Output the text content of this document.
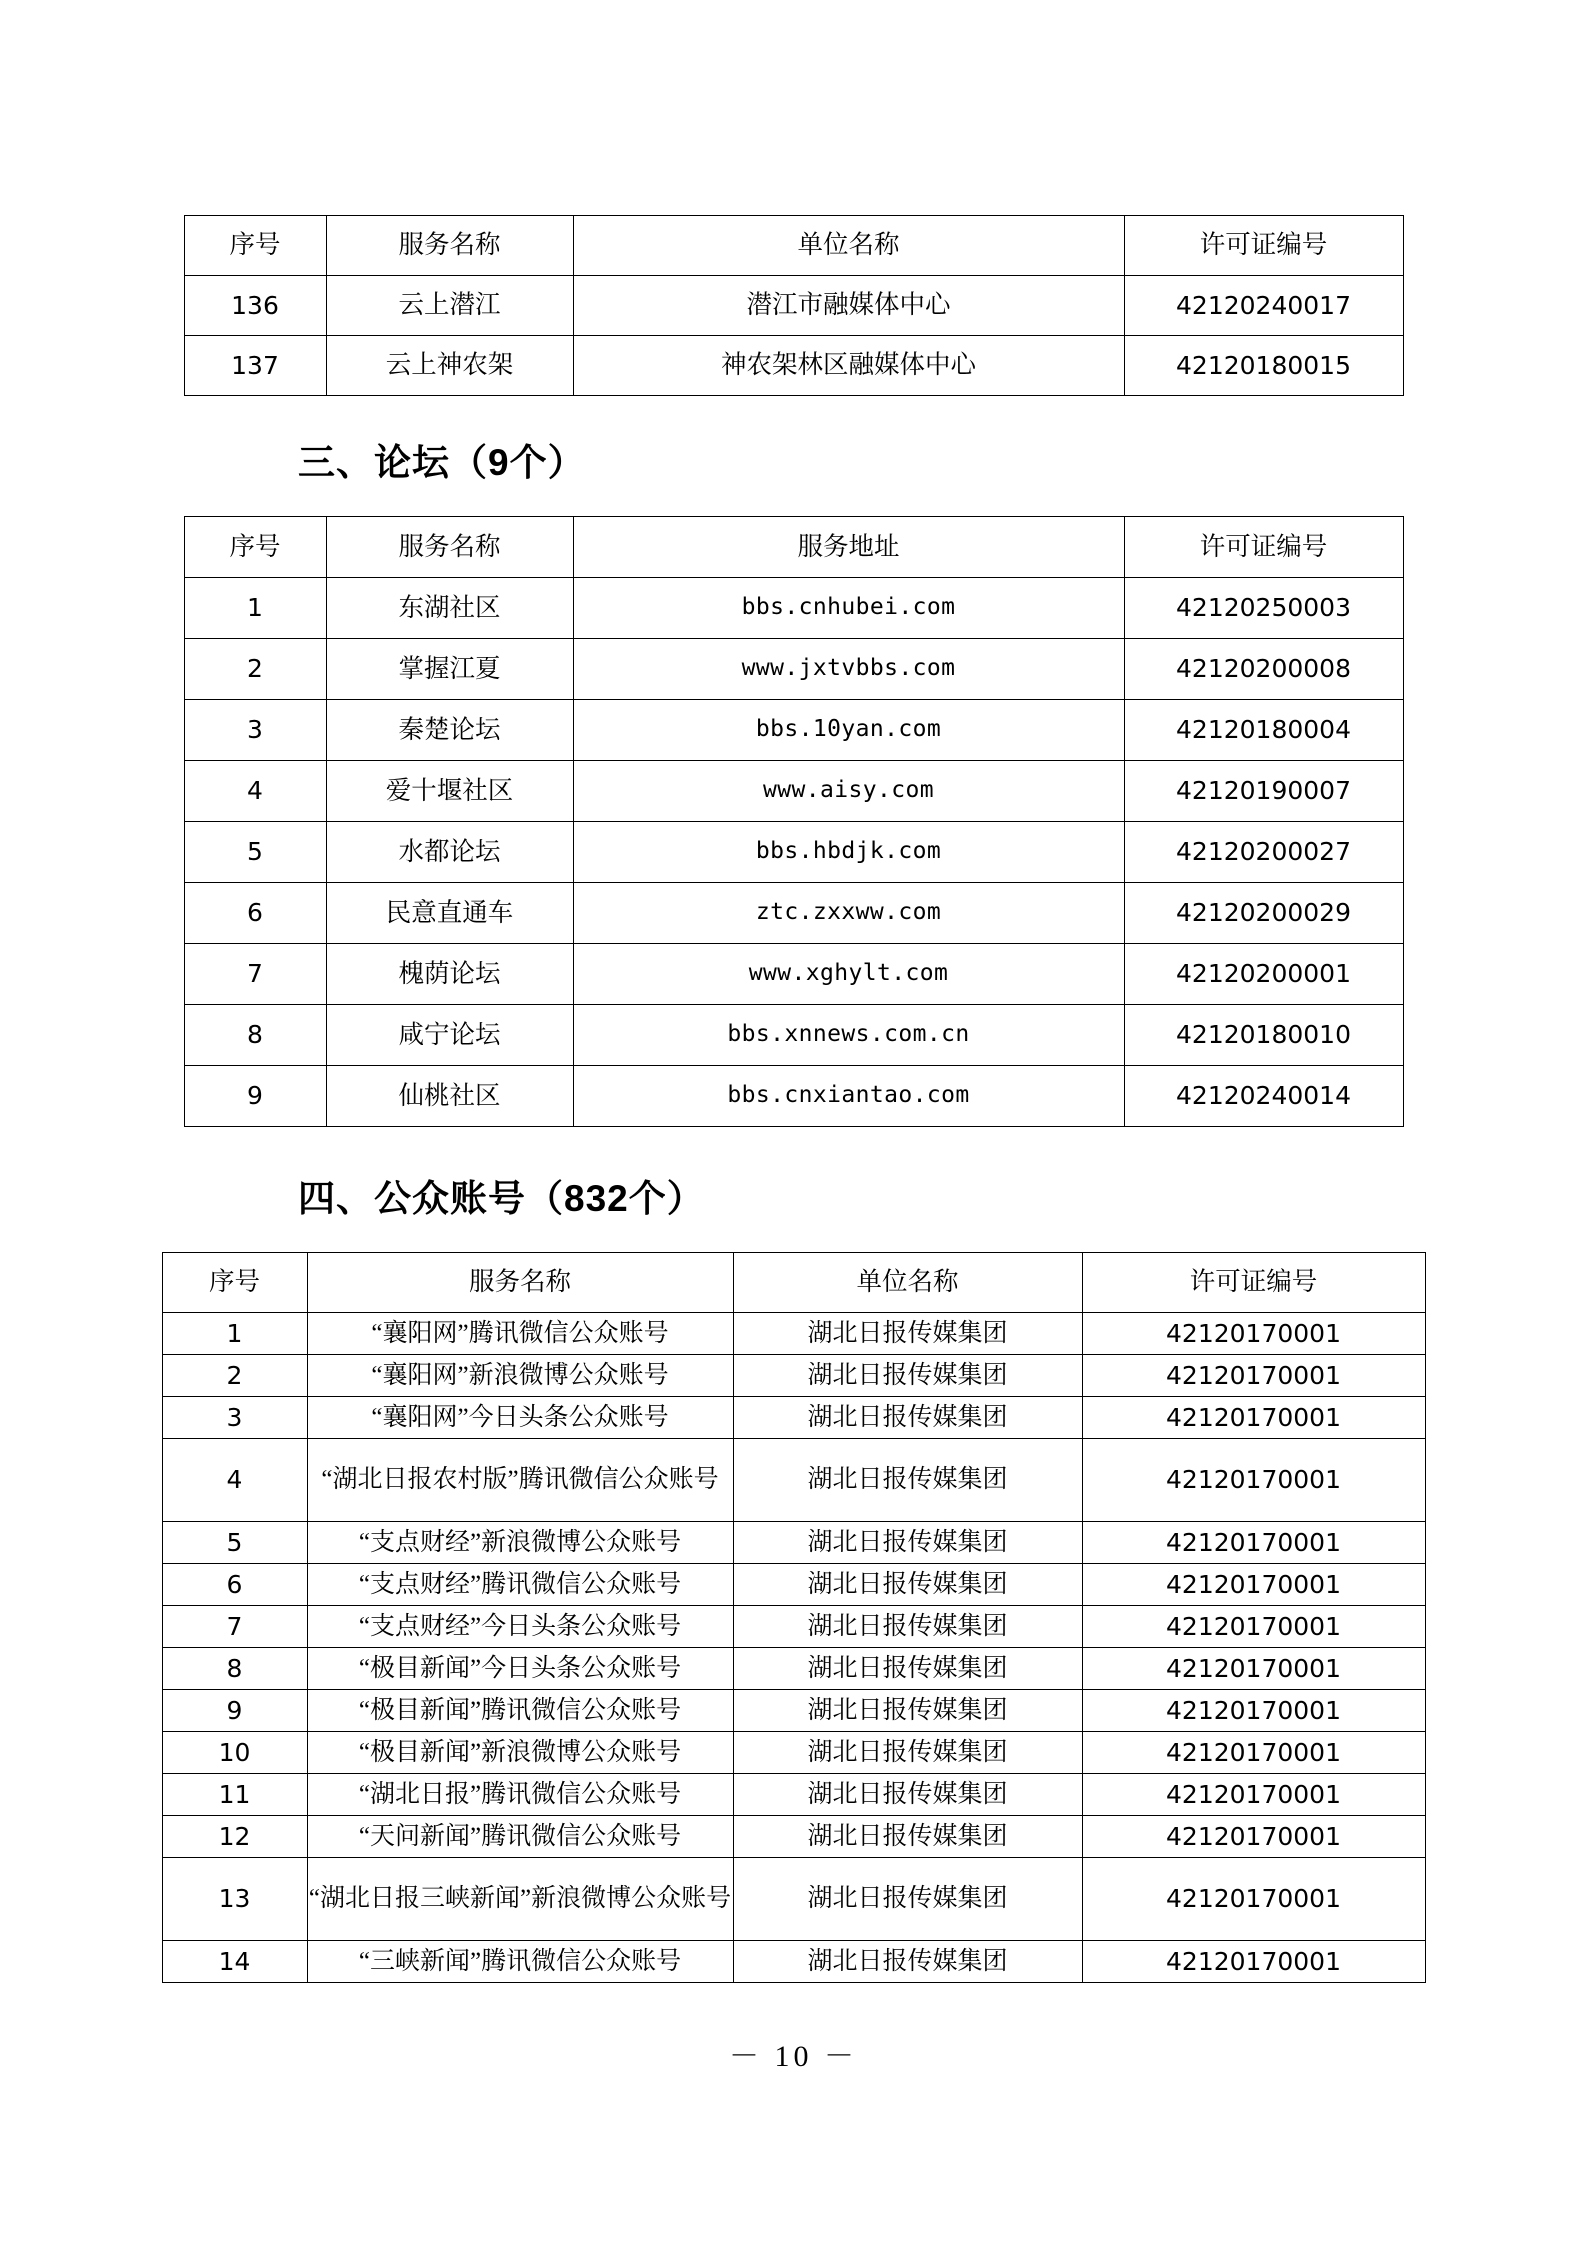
序号	服务名称	单位名称	许可证编号
136	云上潜江	潜江市融媒体中心	42120240017
137	云上神农架	神农架林区融媒体中心	42120180015
三、论坛（9个）
序号	服务名称	服务地址	许可证编号
1	东湖社区	bbs.cnhubei.com	42120250003
2	掌握江夏	www.jxtvbbs.com	42120200008
3	秦楚论坛	bbs.10yan.com	42120180004
4	爱十堰社区	www.aisy.com	42120190007
5	水都论坛	bbs.hbdjk.com	42120200027
6	民意直通车	ztc.zxxww.com	42120200029
7	槐荫论坛	www.xghylt.com	42120200001
8	咸宁论坛	bbs.xnnews.com.cn	42120180010
9	仙桃社区	bbs.cnxiantao.com	42120240014
四、公众账号（832个）
序号	服务名称	单位名称	许可证编号
1	“襄阳网”腾讯微信公众账号	湖北日报传媒集团	42120170001
2	“襄阳网”新浪微博公众账号	湖北日报传媒集团	42120170001
3	“襄阳网”今日头条公众账号	湖北日报传媒集团	42120170001
4	“湖北日报农村版”腾讯微信公众账号	湖北日报传媒集团	42120170001
5	“支点财经”新浪微博公众账号	湖北日报传媒集团	42120170001
6	“支点财经”腾讯微信公众账号	湖北日报传媒集团	42120170001
7	“支点财经”今日头条公众账号	湖北日报传媒集团	42120170001
8	“极目新闻”今日头条公众账号	湖北日报传媒集团	42120170001
9	“极目新闻”腾讯微信公众账号	湖北日报传媒集团	42120170001
10	“极目新闻”新浪微博公众账号	湖北日报传媒集团	42120170001
11	“湖北日报”腾讯微信公众账号	湖北日报传媒集团	42120170001
12	“天问新闻”腾讯微信公众账号	湖北日报传媒集团	42120170001
13	“湖北日报三峡新闻”新浪微博公众账号	湖北日报传媒集团	42120170001
14	“三峡新闻”腾讯微信公众账号	湖北日报传媒集团	42120170001
－ 10 －
